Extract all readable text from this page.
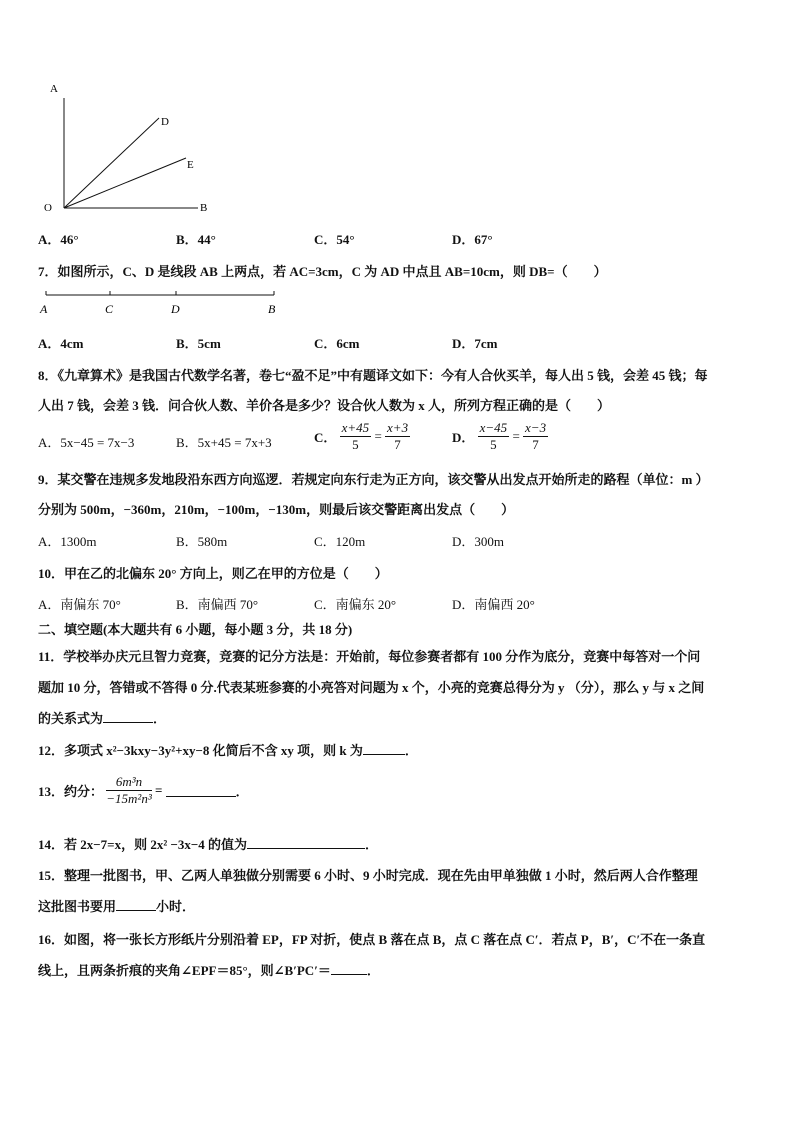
A
D
E
O	B
A．46°	B．44°	C．54°	D．67°
7．如图所示，C、D 是线段 AB 上两点，若 AC=3cm，C 为 AD 中点且 AB=10cm，则 DB=（　　）
A	C	D	B
A．4cm	B．5cm	C．6cm	D．7cm
8．《九章算术》是我国古代数学名著，卷七“盈不足”中有题译文如下：今有人合伙买羊，每人出 5 钱，会差 45 钱；每
人出 7 钱，会差 3 钱．问合伙人数、羊价各是多少？设合伙人数为 x 人，所列方程正确的是（　　）
A．5x−45 = 7x−3	B．5x+45 = 7x+3	C． $\frac{x+45}{5} = \frac{x+3}{7}$	D． $\frac{x-45}{5} = \frac{x-3}{7}$
9．某交警在违规多发地段沿东西方向巡逻．若规定向东行走为正方向，该交警从出发点开始所走的路程（单位：m ）
分别为 500m，−360m，210m，−100m，−130m，则最后该交警距离出发点（　　）
A．1300m	B．580m	C．120m	D．300m
10．甲在乙的北偏东 20° 方向上，则乙在甲的方位是（　　）
A．南偏东 70°	B．南偏西 70°	C．南偏东 20°	D．南偏西 20°
二、填空题(本大题共有 6 小题，每小题 3 分，共 18 分)
11．学校举办庆元旦智力竞赛，竞赛的记分方法是：开始前，每位参赛者都有 100 分作为底分，竞赛中每答对一个问
题加 10 分，答错或不答得 0 分.代表某班参赛的小亮答对问题为 x 个，小亮的竞赛总得分为 y （分），那么 y 与 x 之间
的关系式为	．
12．多项式 x²−3kxy−3y²+xy−8 化简后不含 xy 项，则 k 为	．
13．约分： $\frac{\text{6m³n}}{\text{−15m²n³}}$ =	．
14．若 2x−7=x，则 2x² −3x−4 的值为	．
15．整理一批图书，甲、乙两人单独做分别需要 6 小时、9 小时完成．现在先由甲单独做 1 小时，然后两人合作整理
这批图书要用	小时．
16．如图，将一张长方形纸片分别沿着 EP，FP 对折，使点 B 落在点 B，点 C 落在点 C′．若点 P，B′，C′不在一条直
线上，且两条折痕的夹角∠EPF＝85°，则∠B′PC′＝	．
